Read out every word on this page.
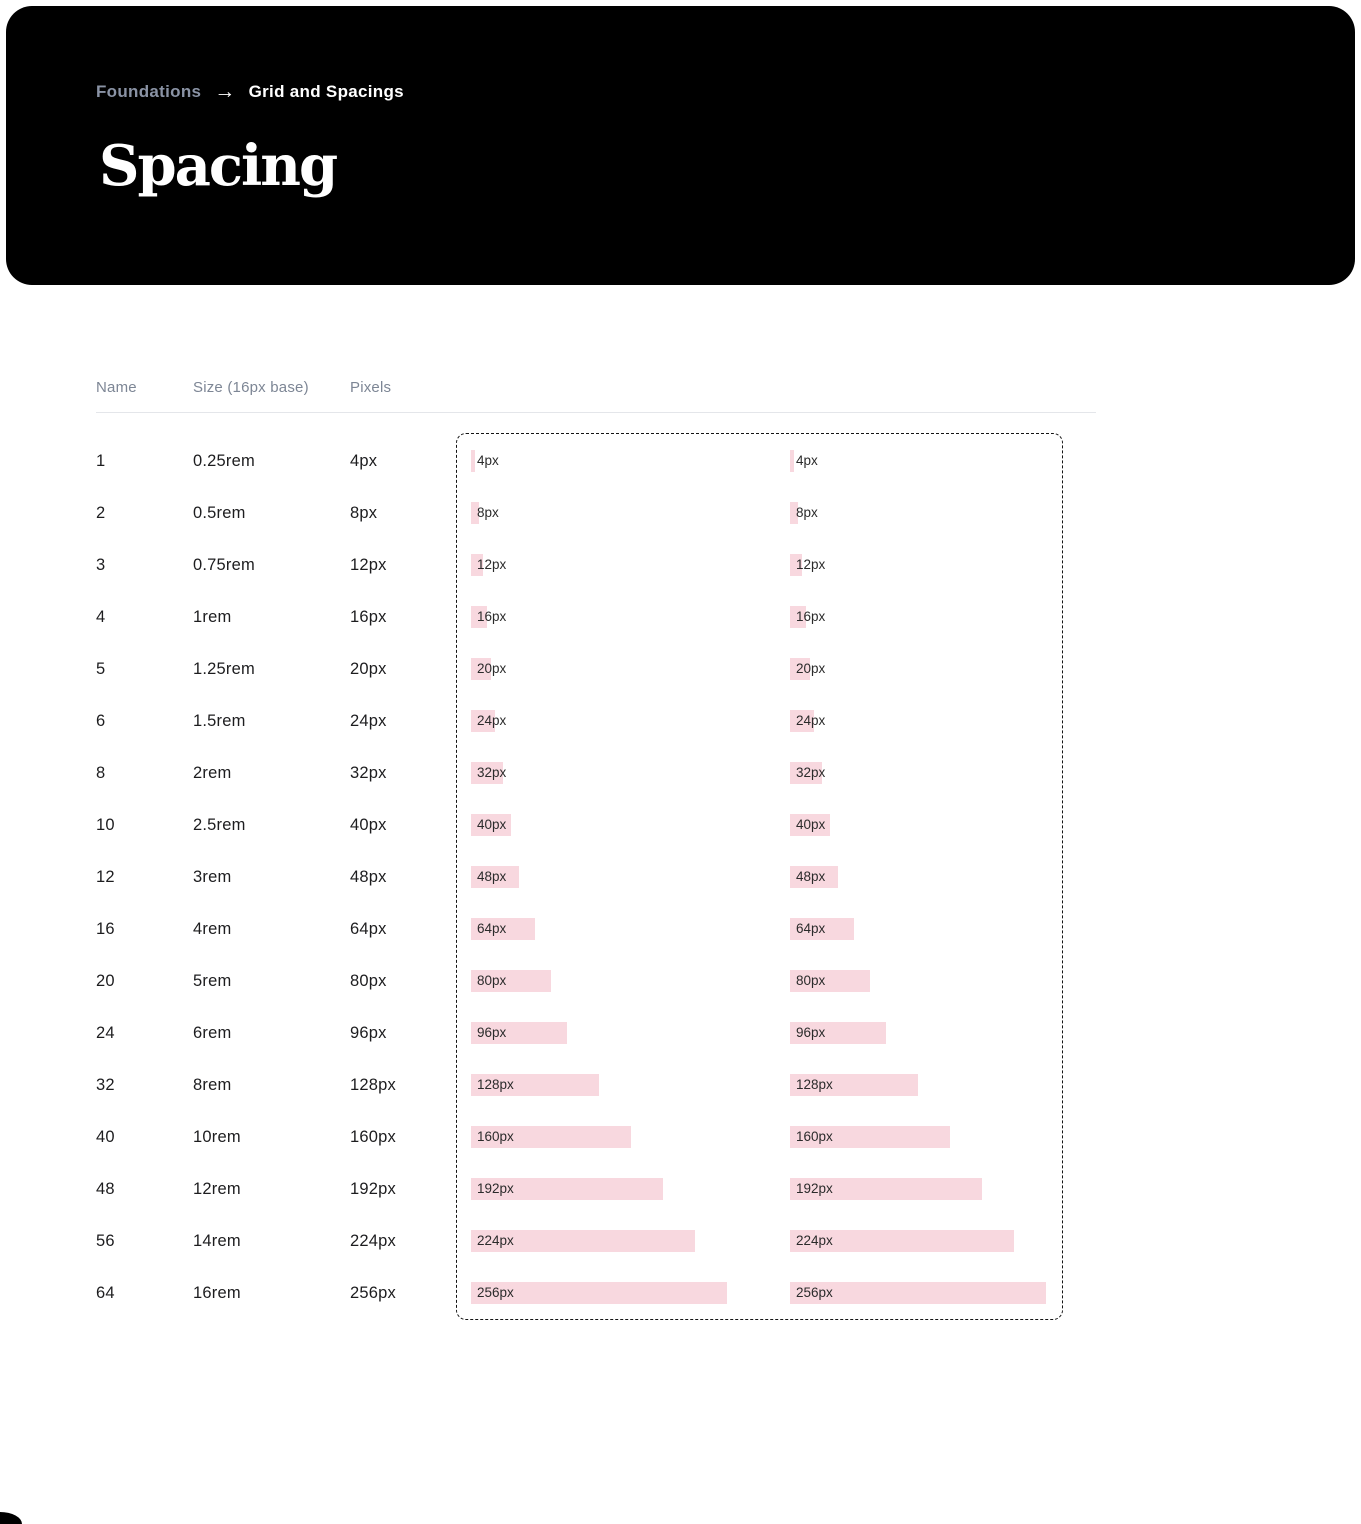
Foundations → Grid and Spacings
Spacing
Name	Size (16px base)	Pixels
1	0.25rem	4px	4px	4px
2	0.5rem	8px	8px	8px
3	0.75rem	12px	12px	12px
4	1rem	16px	16px	16px
5	1.25rem	20px	20px	20px
6	1.5rem	24px	24px	24px
8	2rem	32px	32px	32px
10	2.5rem	40px	40px	40px
12	3rem	48px	48px	48px
16	4rem	64px	64px	64px
20	5rem	80px	80px	80px
24	6rem	96px	96px	96px
32	8rem	128px	128px	128px
40	10rem	160px	160px	160px
48	12rem	192px	192px	192px
56	14rem	224px	224px	224px
64	16rem	256px	256px	256px
